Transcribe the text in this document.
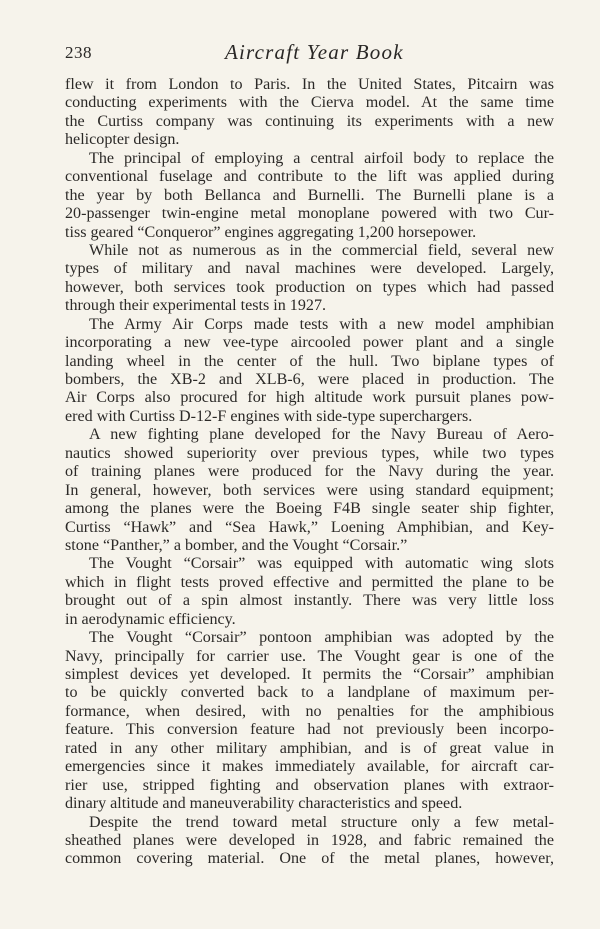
238	Aircraft Year Book
flew it from London to Paris. In the United States, Pitcairn was
conducting experiments with the Cierva model. At the same time
the Curtiss company was continuing its experiments with a new
helicopter design.
The principal of employing a central airfoil body to replace the
conventional fuselage and contribute to the lift was applied during
the year by both Bellanca and Burnelli. The Burnelli plane is a
20-passenger twin-engine metal monoplane powered with two Cur-
tiss geared “Conqueror” engines aggregating 1,200 horsepower.
While not as numerous as in the commercial field, several new
types of military and naval machines were developed. Largely,
however, both services took production on types which had passed
through their experimental tests in 1927.
The Army Air Corps made tests with a new model amphibian
incorporating a new vee-type aircooled power plant and a single
landing wheel in the center of the hull. Two biplane types of
bombers, the XB-2 and XLB-6, were placed in production. The
Air Corps also procured for high altitude work pursuit planes pow-
ered with Curtiss D-12-F engines with side-type superchargers.
A new fighting plane developed for the Navy Bureau of Aero-
nautics showed superiority over previous types, while two types
of training planes were produced for the Navy during the year.
In general, however, both services were using standard equipment;
among the planes were the Boeing F4B single seater ship fighter,
Curtiss “Hawk” and “Sea Hawk,” Loening Amphibian, and Key-
stone “Panther,” a bomber, and the Vought “Corsair.”
The Vought “Corsair” was equipped with automatic wing slots
which in flight tests proved effective and permitted the plane to be
brought out of a spin almost instantly. There was very little loss
in aerodynamic efficiency.
The Vought “Corsair” pontoon amphibian was adopted by the
Navy, principally for carrier use. The Vought gear is one of the
simplest devices yet developed. It permits the “Corsair” amphibian
to be quickly converted back to a landplane of maximum per-
formance, when desired, with no penalties for the amphibious
feature. This conversion feature had not previously been incorpo-
rated in any other military amphibian, and is of great value in
emergencies since it makes immediately available, for aircraft car-
rier use, stripped fighting and observation planes with extraor-
dinary altitude and maneuverability characteristics and speed.
Despite the trend toward metal structure only a few metal-
sheathed planes were developed in 1928, and fabric remained the
common covering material. One of the metal planes, however,
